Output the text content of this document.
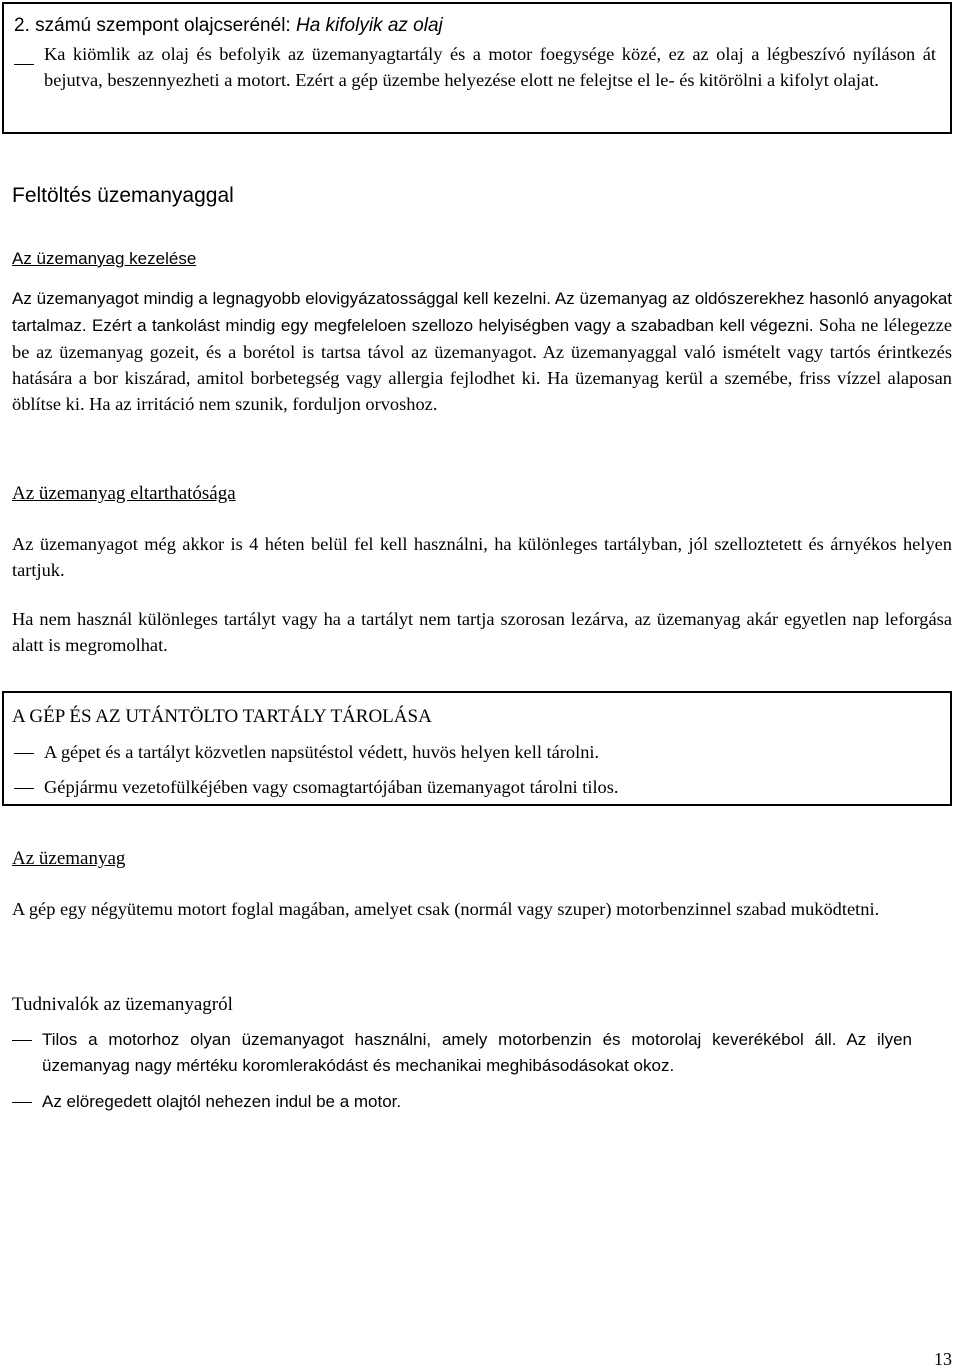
2. számú szempont olajcserénél: Ha kifolyik az olaj

Ka kiömlik az olaj és befolyik az üzemanyagtartály és a motor foegysége közé, ez az olaj a légbeszívó nyíláson át bejutva, beszennyezheti a motort. Ezért a gép üzembe helyezése elott ne felejtse el le- és kitörölni a kifolyt olajat.

Feltöltés üzemanyaggal
Az üzemanyag kezelése

Az üzemanyagot mindig a legnagyobb elovigyázatossággal kell kezelni. Az üzemanyag az oldószerekhez hasonló anyagokat tartalmaz. Ezért a tankolást mindig egy megfeleloen szellozo helyiségben vagy a szabadban kell végezni. Soha ne lélegezze be az üzemanyag gozeit, és a borétol is tartsa távol az üzemanyagot. Az üzemanyaggal való ismételt vagy tartós érintkezés hatására a bor kiszárad, amitol borbetegség vagy allergia fejlodhet ki. Ha üzemanyag kerül a szemébe, friss vízzel alaposan öblítse ki. Ha az irritáció nem szunik, forduljon orvoshoz.

Az üzemanyag eltarthatósága

Az üzemanyagot még akkor is 4 héten belül fel kell használni, ha különleges tartályban, jól szelloztetett és árnyékos helyen tartjuk.

Ha nem használ különleges tartályt vagy ha a tartályt nem tartja szorosan lezárva, az üzemanyag akár egyetlen nap leforgása alatt is megromolhat.

A GÉP ÉS AZ UTÁNTÖLTO TARTÁLY TÁROLÁSA

A gépet és a tartályt közvetlen napsütéstol védett, huvös helyen kell tárolni.

Gépjármu vezetofülkéjében vagy csomagtartójában üzemanyagot tárolni tilos.

Az üzemanyag

A gép egy négyütemu motort foglal magában, amelyet csak (normál vagy szuper) motorbenzinnel szabad muködtetni.

Tudnivalók az üzemanyagról

Tilos a motorhoz olyan üzemanyagot használni, amely motorbenzin és motorolaj keverékébol áll. Az ilyen üzemanyag nagy mértéku koromlerakódást és mechanikai meghibásodásokat okoz.

Az elöregedett olajtól nehezen indul be a motor.

13
